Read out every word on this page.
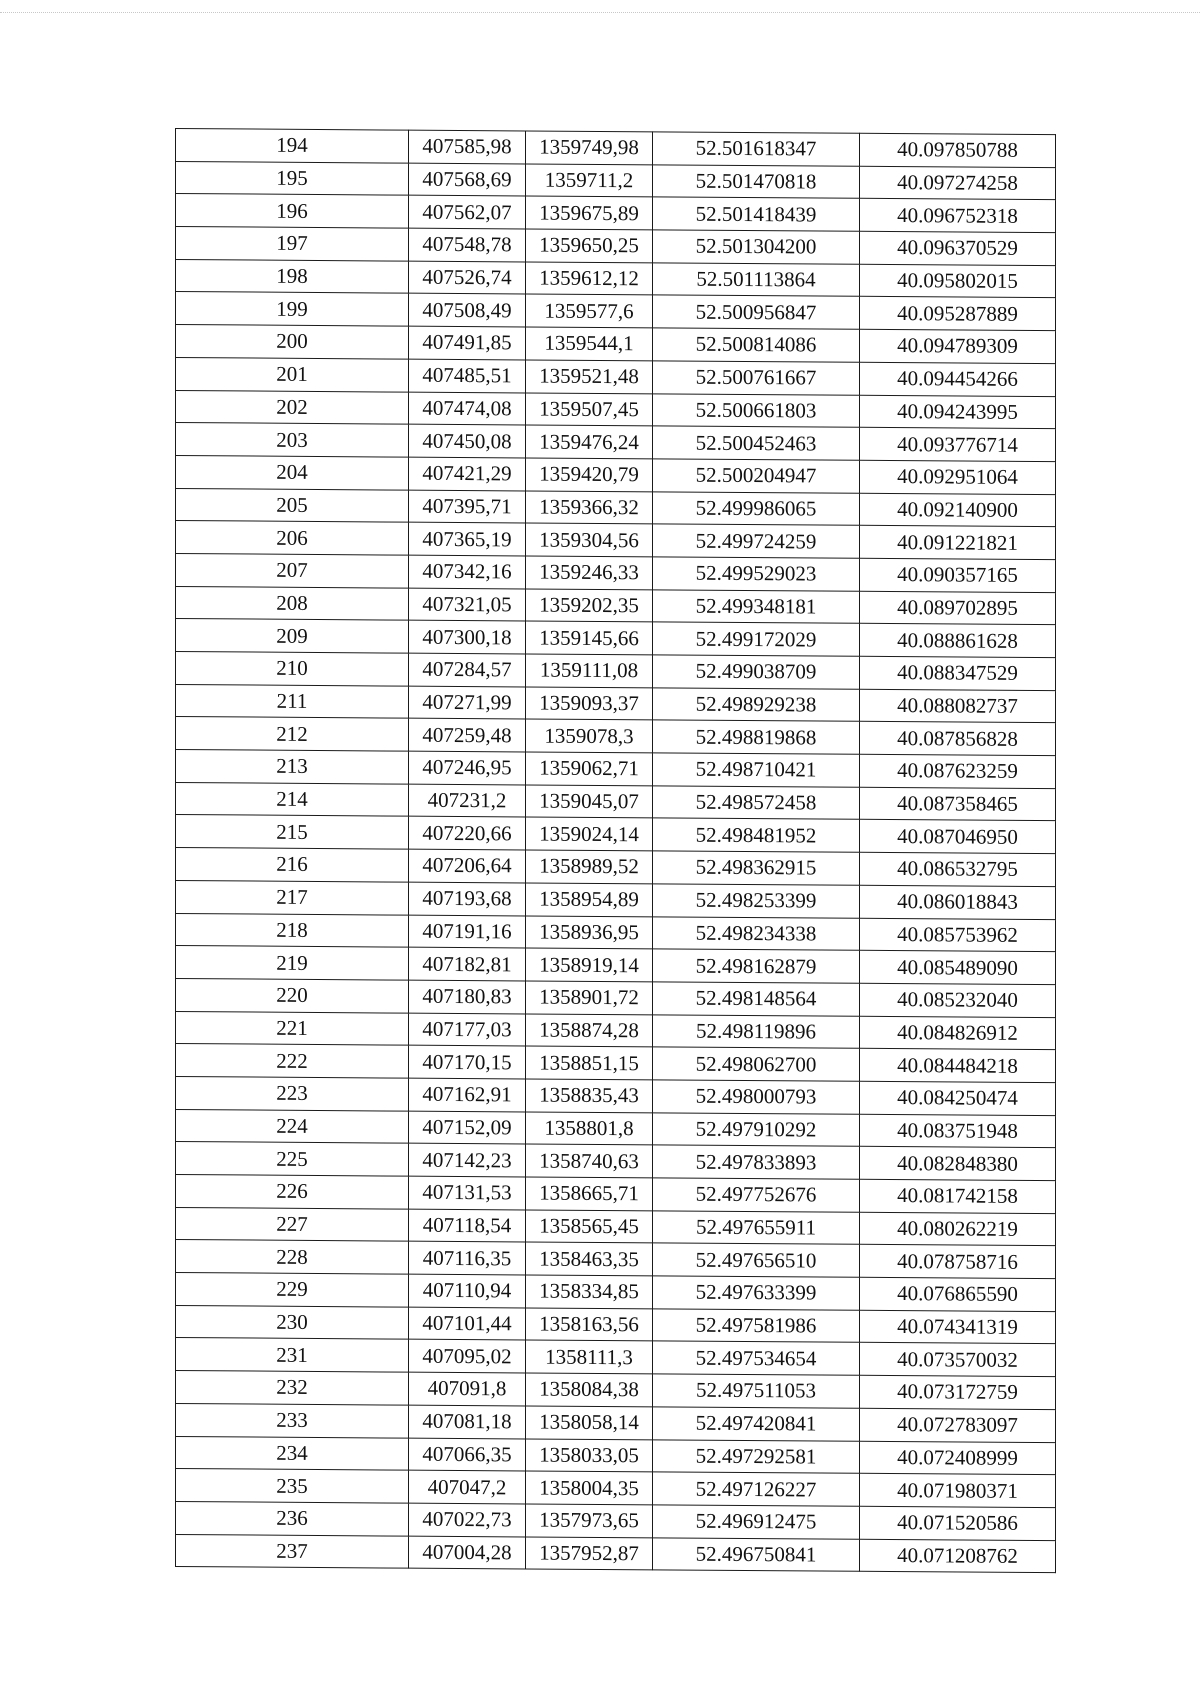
194	407585,98	1359749,98	52.501618347	40.097850788
195	407568,69	1359711,2	52.501470818	40.097274258
196	407562,07	1359675,89	52.501418439	40.096752318
197	407548,78	1359650,25	52.501304200	40.096370529
198	407526,74	1359612,12	52.501113864	40.095802015
199	407508,49	1359577,6	52.500956847	40.095287889
200	407491,85	1359544,1	52.500814086	40.094789309
201	407485,51	1359521,48	52.500761667	40.094454266
202	407474,08	1359507,45	52.500661803	40.094243995
203	407450,08	1359476,24	52.500452463	40.093776714
204	407421,29	1359420,79	52.500204947	40.092951064
205	407395,71	1359366,32	52.499986065	40.092140900
206	407365,19	1359304,56	52.499724259	40.091221821
207	407342,16	1359246,33	52.499529023	40.090357165
208	407321,05	1359202,35	52.499348181	40.089702895
209	407300,18	1359145,66	52.499172029	40.088861628
210	407284,57	1359111,08	52.499038709	40.088347529
211	407271,99	1359093,37	52.498929238	40.088082737
212	407259,48	1359078,3	52.498819868	40.087856828
213	407246,95	1359062,71	52.498710421	40.087623259
214	407231,2	1359045,07	52.498572458	40.087358465
215	407220,66	1359024,14	52.498481952	40.087046950
216	407206,64	1358989,52	52.498362915	40.086532795
217	407193,68	1358954,89	52.498253399	40.086018843
218	407191,16	1358936,95	52.498234338	40.085753962
219	407182,81	1358919,14	52.498162879	40.085489090
220	407180,83	1358901,72	52.498148564	40.085232040
221	407177,03	1358874,28	52.498119896	40.084826912
222	407170,15	1358851,15	52.498062700	40.084484218
223	407162,91	1358835,43	52.498000793	40.084250474
224	407152,09	1358801,8	52.497910292	40.083751948
225	407142,23	1358740,63	52.497833893	40.082848380
226	407131,53	1358665,71	52.497752676	40.081742158
227	407118,54	1358565,45	52.497655911	40.080262219
228	407116,35	1358463,35	52.497656510	40.078758716
229	407110,94	1358334,85	52.497633399	40.076865590
230	407101,44	1358163,56	52.497581986	40.074341319
231	407095,02	1358111,3	52.497534654	40.073570032
232	407091,8	1358084,38	52.497511053	40.073172759
233	407081,18	1358058,14	52.497420841	40.072783097
234	407066,35	1358033,05	52.497292581	40.072408999
235	407047,2	1358004,35	52.497126227	40.071980371
236	407022,73	1357973,65	52.496912475	40.071520586
237	407004,28	1357952,87	52.496750841	40.071208762
